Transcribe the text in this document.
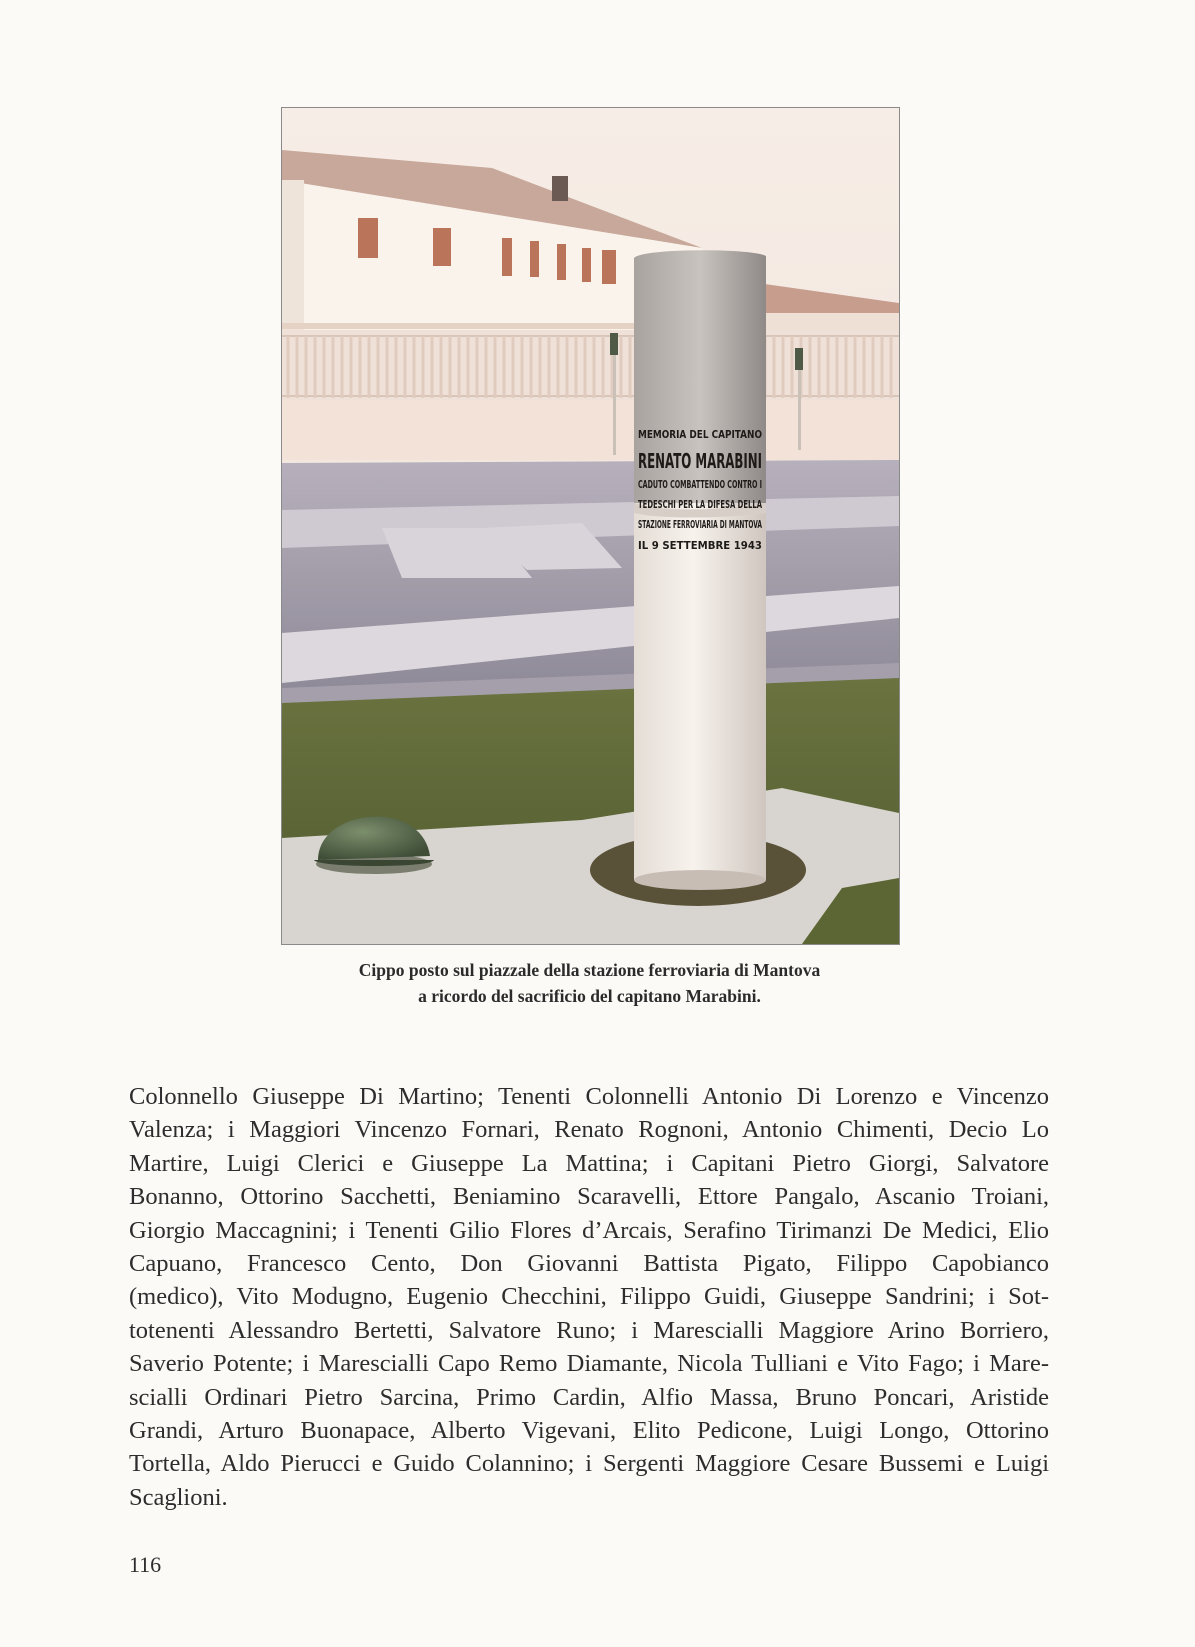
MEMORIA DEL CAPITANO
RENATO MARABINI
CADUTO COMBATTENDO CONTRO I
TEDESCHI PER LA DIFESA DELLA
STAZIONE FERROVIARIA DI MANTOVA
IL 9 SETTEMBRE 1943
Cippo posto sul piazzale della stazione ferroviaria di Mantova
a ricordo del sacrificio del capitano Marabini.
Colonnello Giuseppe Di Martino; Tenenti Colonnelli Antonio Di Lorenzo e Vincenzo
Valenza; i Maggiori Vincenzo Fornari, Renato Rognoni, Antonio Chimenti, Decio Lo
Martire, Luigi Clerici e Giuseppe La Mattina; i Capitani Pietro Giorgi, Salvatore
Bonanno, Ottorino Sacchetti, Beniamino Scaravelli, Ettore Pangalo, Ascanio Troiani,
Giorgio Maccagnini; i Tenenti Gilio Flores d’Arcais, Serafino Tirimanzi De Medici, Elio
Capuano, Francesco Cento, Don Giovanni Battista Pigato, Filippo Capobianco
(medico), Vito Modugno, Eugenio Checchini, Filippo Guidi, Giuseppe Sandrini; i Sot-
totenenti Alessandro Bertetti, Salvatore Runo; i Marescialli Maggiore Arino Borriero,
Saverio Potente; i Marescialli Capo Remo Diamante, Nicola Tulliani e Vito Fago; i Mare-
scialli Ordinari Pietro Sarcina, Primo Cardin, Alfio Massa, Bruno Poncari, Aristide
Grandi, Arturo Buonapace, Alberto Vigevani, Elito Pedicone, Luigi Longo, Ottorino
Tortella, Aldo Pierucci e Guido Colannino; i Sergenti Maggiore Cesare Bussemi e Luigi
Scaglioni.
116
